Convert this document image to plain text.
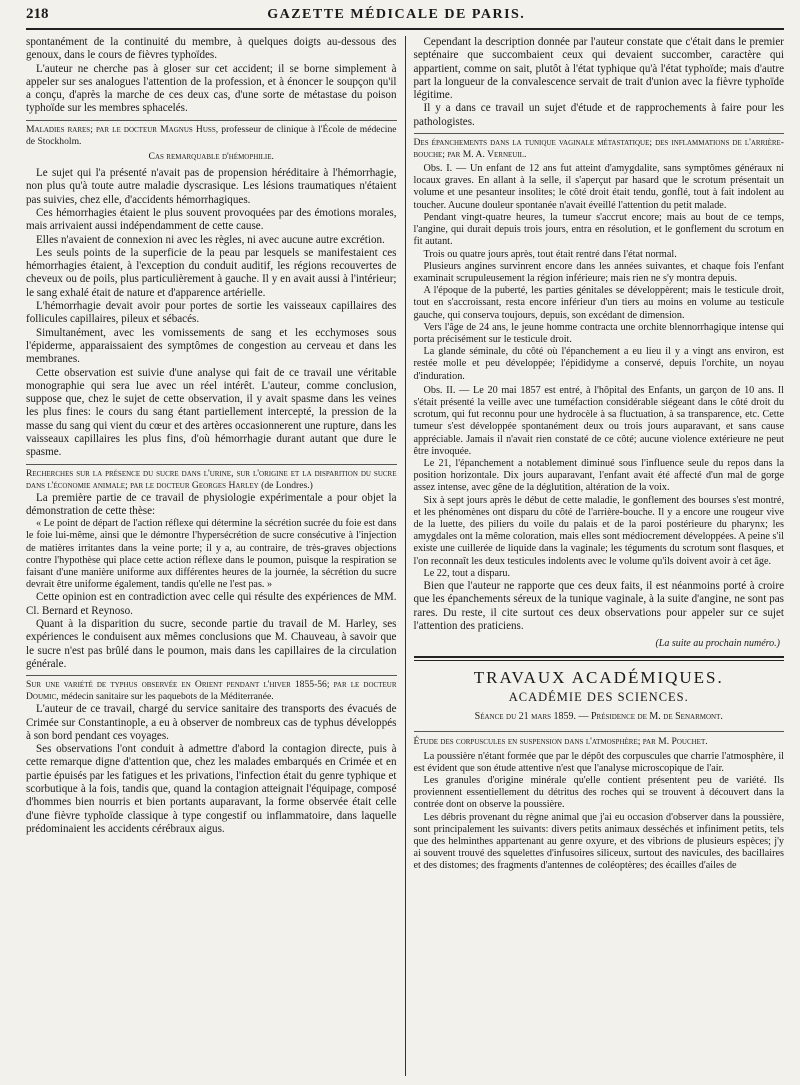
218	GAZETTE MÉDICALE DE PARIS.

spontanément de la continuité du membre, à quelques doigts au-dessous des genoux, dans le cours de fièvres typhoïdes.

L'auteur ne cherche pas à gloser sur cet accident; il se borne simplement à appeler sur ses analogues l'attention de la profession, et à énoncer le soupçon qu'il a conçu, d'après la marche de ces deux cas, d'une sorte de métastase du poison typhoïde sur les membres sphacelés.

Maladies rares; par le docteur Magnus Huss, professeur de clinique à l'École de médecine de Stockholm.

Cas remarquable d'hémophilie.

Le sujet qui l'a présenté n'avait pas de propension héréditaire à l'hémorrhagie, non plus qu'à toute autre maladie dyscrasique. Les lésions traumatiques n'étaient pas suivies, chez elle, d'accidents hémorrhagiques.

Ces hémorrhagies étaient le plus souvent provoquées par des émotions morales, mais arrivaient aussi indépendamment de cette cause.

Elles n'avaient de connexion ni avec les règles, ni avec aucune autre excrétion.

Les seuls points de la superficie de la peau par lesquels se manifestaient ces hémorrhagies étaient, à l'exception du conduit auditif, les régions recouvertes de cheveux ou de poils, plus particulièrement à gauche. Il y en avait aussi à l'intérieur; le sang exhalé était de nature et d'apparence artérielle.

L'hémorrhagie devait avoir pour portes de sortie les vaisseaux capillaires des follicules capillaires, pileux et sébacés.

Simultanément, avec les vomissements de sang et les ecchymoses sous l'épiderme, apparaissaient des symptômes de congestion au cerveau et dans les membranes.

Cette observation est suivie d'une analyse qui fait de ce travail une véritable monographie qui sera lue avec un réel intérêt. L'auteur, comme conclusion, suppose que, chez le sujet de cette observation, il y avait spasme dans les veines les plus fines: le cours du sang étant partiellement intercepté, la pression de la masse du sang qui vient du cœur et des artères occasionnerent une rupture, dans les vaisseaux capillaires les plus fins, d'où hémorrhagie durant autant que dure le spasme.

Recherches sur la présence du sucre dans l'urine, sur l'origine et la disparition du sucre dans l'économie animale; par le docteur Georges Harley (de Londres.)

La première partie de ce travail de physiologie expérimentale a pour objet la démonstration de cette thèse:

« Le point de départ de l'action réflexe qui détermine la sécrétion sucrée du foie est dans le foie lui-même, ainsi que le démontre l'hypersécrétion de sucre consécutive à l'injection de matières irritantes dans la veine porte; il y a, au contraire, de très-graves objections contre l'hypothèse qui place cette action réflexe dans le poumon, puisque la respiration se faisant d'une manière uniforme aux différentes heures de la journée, la sécrétion du sucre devrait être uniforme également, tandis qu'elle ne l'est pas. »

Cette opinion est en contradiction avec celle qui résulte des expériences de MM. Cl. Bernard et Reynoso.

Quant à la disparition du sucre, seconde partie du travail de M. Harley, ses expériences le conduisent aux mêmes conclusions que M. Chauveau, à savoir que le sucre n'est pas brûlé dans le poumon, mais dans les capillaires de la circulation générale.

Sur une variété de typhus observée en Orient pendant l'hiver 1855-56; par le docteur Doumic, médecin sanitaire sur les paquebots de la Méditerranée.

L'auteur de ce travail, chargé du service sanitaire des transports des évacués de Crimée sur Constantinople, a eu à observer de nombreux cas de typhus développés à son bord pendant ces voyages.

Ses observations l'ont conduit à admettre d'abord la contagion directe, puis à cette remarque digne d'attention que, chez les malades embarqués en Crimée et en partie épuisés par les fatigues et les privations, l'infection était du genre typhique et scorbutique à la fois, tandis que, quand la contagion atteignait l'équipage, composé d'hommes bien nourris et bien portants auparavant, la forme observée était celle d'une fièvre typhoïde classique à type congestif ou inflammatoire, dans laquelle prédominaient les accidents cérébraux aigus.

Cependant la description donnée par l'auteur constate que c'était dans le premier septénaire que succombaient ceux qui devaient succomber, caractère qui appartient, comme on sait, plutôt à l'état typhique qu'à l'état typhoïde; mais d'autre part la longueur de la convalescence servait de trait d'union avec la fièvre typhoïde légitime.

Il y a dans ce travail un sujet d'étude et de rapprochements à faire pour les pathologistes.

Des épanchements dans la tunique vaginale métastatique; des inflammations de l'arrière-bouche; par M. A. Verneuil.

Obs. I. — Un enfant de 12 ans fut atteint d'amygdalite, sans symptômes généraux ni locaux graves. En allant à la selle, il s'aperçut par hasard que le scrotum présentait un volume et une pesanteur insolites; le côté droit était tendu, gonflé, tout à fait indolent au toucher. Aucune douleur spontanée n'avait éveillé l'attention du petit malade.

Pendant vingt-quatre heures, la tumeur s'accrut encore; mais au bout de ce temps, l'angine, qui durait depuis trois jours, entra en résolution, et le gonflement du scrotum en fit autant.

Trois ou quatre jours après, tout était rentré dans l'état normal.

Plusieurs angines survinrent encore dans les années suivantes, et chaque fois l'enfant examinait scrupuleusement la région inférieure; mais rien ne s'y montra depuis.

A l'époque de la puberté, les parties génitales se développèrent; mais le testicule droit, tout en s'accroissant, resta encore inférieur d'un tiers au moins en volume au testicule gauche, qui conserva toujours, depuis, son excédant de dimension.

Vers l'âge de 24 ans, le jeune homme contracta une orchite blennorrhagique intense qui porta précisément sur le testicule droit.

La glande séminale, du côté où l'épanchement a eu lieu il y a vingt ans environ, est restée molle et peu développée; l'épididyme a conservé, depuis l'orchite, un noyau d'induration.

Obs. II. — Le 20 mai 1857 est entré, à l'hôpital des Enfants, un garçon de 10 ans. Il s'était présenté la veille avec une tuméfaction considérable siégeant dans le côté droit du scrotum, qui fut reconnu pour une hydrocèle à sa fluctuation, à sa transparence, etc. Cette tumeur s'est développée spontanément deux ou trois jours auparavant, et sans cause appréciable. Jamais il n'avait rien constaté de ce côté; aucune violence extérieure ne peut être invoquée.

Le 21, l'épanchement a notablement diminué sous l'influence seule du repos dans la position horizontale. Dix jours auparavant, l'enfant avait été affecté d'un mal de gorge assez intense, avec gêne de la déglutition, altération de la voix.

Six à sept jours après le début de cette maladie, le gonflement des bourses s'est montré, et les phénomènes ont disparu du côté de l'arrière-bouche. Il y a encore une rougeur vive de la luette, des piliers du voile du palais et de la paroi postérieure du pharynx; les amygdales ont la même coloration, mais elles sont médiocrement développées. A peine s'il existe une cuillerée de liquide dans la vaginale; les téguments du scrotum sont flasques, et l'on reconnaît les deux testicules indolents avec le volume qu'ils doivent avoir à cet âge.

Le 22, tout a disparu.

Bien que l'auteur ne rapporte que ces deux faits, il est néanmoins porté à croire que les épanchements séreux de la tunique vaginale, à la suite d'angine, ne sont pas rares. Du reste, il cite surtout ces deux observations pour appeler sur ce sujet l'attention des praticiens.

(La suite au prochain numéro.)
TRAVAUX ACADÉMIQUES.
ACADÉMIE DES SCIENCES.
Séance du 21 mars 1859. — Présidence de M. de Senarmont.

Étude des corpuscules en suspension dans l'atmosphère; par M. Pouchet.

La poussière n'étant formée que par le dépôt des corpuscules que charrie l'atmosphère, il est évident que son étude attentive n'est que l'analyse microscopique de l'air.

Les granules d'origine minérale qu'elle contient présentent peu de variété. Ils proviennent essentiellement du détritus des roches qui se trouvent à découvert dans la contrée dont on observe la poussière.

Les débris provenant du règne animal que j'ai eu occasion d'observer dans la poussière, sont principalement les suivants: divers petits animaux desséchés et infiniment petits, tels que des helminthes appartenant au genre oxyure, et des vibrions de plusieurs espèces; j'y ai souvent trouvé des squelettes d'infusoires siliceux, surtout des navicules, des bacillaires et des distomes; des fragments d'antennes de coléoptères; des écailles d'ailes de
